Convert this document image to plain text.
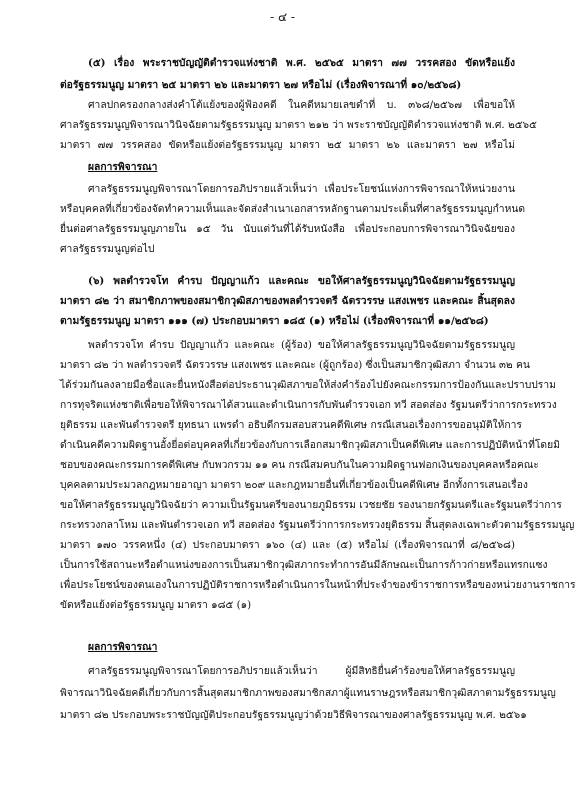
- ๔ -
(๕) เรื่อง พระราชบัญญัติตำรวจแห่งชาติ พ.ศ. ๒๕๖๕ มาตรา ๗๗ วรรคสอง ขัดหรือแย้ง
ต่อรัฐธรรมนูญ มาตรา ๒๕ มาตรา ๒๖ และมาตรา ๒๗ หรือไม่ (เรื่องพิจารณาที่ ๑๐/๒๕๖๘)
ศาลปกครองกลางส่งคำโต้แย้งของผู้ฟ้องคดี ในคดีหมายเลขดำที่ บ. ๓๖๘/๒๕๖๗ เพื่อขอให้
ศาลรัฐธรรมนูญพิจารณาวินิจฉัยตามรัฐธรรมนูญ มาตรา ๒๑๒ ว่า พระราชบัญญัติตำรวจแห่งชาติ พ.ศ. ๒๕๖๕
มาตรา ๗๗ วรรคสอง ขัดหรือแย้งต่อรัฐธรรมนูญ มาตรา ๒๕ มาตรา ๒๖ และมาตรา ๒๗ หรือไม่
ผลการพิจารณา
ศาลรัฐธรรมนูญพิจารณาโดยการอภิปรายแล้วเห็นว่า เพื่อประโยชน์แห่งการพิจารณาให้หน่วยงาน
หรือบุคคลที่เกี่ยวข้องจัดทำความเห็นและจัดส่งสำเนาเอกสารหลักฐานตามประเด็นที่ศาลรัฐธรรมนูญกำหนด
ยื่นต่อศาลรัฐธรรมนูญภายใน ๑๕ วัน นับแต่วันที่ได้รับหนังสือ เพื่อประกอบการพิจารณาวินิจฉัยของ
ศาลรัฐธรรมนูญต่อไป
(๖) พลตำรวจโท คำรบ ปัญญาแก้ว และคณะ ขอให้ศาลรัฐธรรมนูญวินิจฉัยตามรัฐธรรมนูญ
มาตรา ๘๒ ว่า สมาชิกภาพของสมาชิกวุฒิสภาของพลตำรวจตรี ฉัตรวรรษ แสงเพชร และคณะ สิ้นสุดลง
ตามรัฐธรรมนูญ มาตรา ๑๑๑ (๗) ประกอบมาตรา ๑๘๕ (๑) หรือไม่ (เรื่องพิจารณาที่ ๑๑/๒๕๖๘)
พลตำรวจโท คำรบ ปัญญาแก้ว และคณะ (ผู้ร้อง) ขอให้ศาลรัฐธรรมนูญวินิจฉัยตามรัฐธรรมนูญ
มาตรา ๘๒ ว่า พลตำรวจตรี ฉัตรวรรษ แสงเพชร และคณะ (ผู้ถูกร้อง) ซึ่งเป็นสมาชิกวุฒิสภา จำนวน ๓๒ คน
ได้ร่วมกันลงลายมือชื่อและยื่นหนังสือต่อประธานวุฒิสภาขอให้ส่งคำร้องไปยังคณะกรรมการป้องกันและปราบปราม
การทุจริตแห่งชาติเพื่อขอให้พิจารณาได้สวนและดำเนินการกับพันตำรวจเอก ทวี สอดส่อง รัฐมนตรีว่าการกระทรวง
ยุติธรรม และพันตำรวจตรี ยุทธนา แพรดำ อธิบดีกรมสอบสวนคดีพิเศษ กรณีเสนอเรื่องการขออนุมัติให้การ
ดำเนินคดีความผิดฐานอั้งยี่อต่อบุคคลที่เกี่ยวข้องกับการเลือกสมาชิกวุฒิสภาเป็นคดีพิเศษ และการปฏิบัติหน้าที่โดยมิ
ชอบของคณะกรรมการคดีพิเศษ กับพวกรวม ๑๑ คน กรณีสมคบกันในความผิดฐานฟอกเงินของบุคคลหรือคณะ
บุคคลตามประมวลกฎหมายอาญา มาตรา ๒๐๙ และกฎหมายอื่นที่เกี่ยวข้องเป็นคดีพิเศษ อีกทั้งการเสนอเรื่อง
ขอให้ศาลรัฐธรรมนูญวินิจฉัยว่า ความเป็นรัฐมนตรีของนายภูมิธรรม เวชยชัย รองนายกรัฐมนตรีและรัฐมนตรีว่าการ
กระทรวงกลาโหม และพันตำรวจเอก ทวี สอดส่อง รัฐมนตรีว่าการกระทรวงยุติธรรม สิ้นสุดลงเฉพาะตัวตามรัฐธรรมนูญ
มาตรา ๑๗๐ วรรคหนึ่ง (๔) ประกอบมาตรา ๑๖๐ (๔) และ (๕) หรือไม่ (เรื่องพิจารณาที่ ๘/๒๕๖๘)
เป็นการใช้สถานะหรือตำแหน่งของการเป็นสมาชิกวุฒิสภากระทำการอันมีลักษณะเป็นการก้าวก่ายหรือแทรกแซง
เพื่อประโยชน์ของตนเองในการปฏิบัติราชการหรือดำเนินการในหน้าที่ประจำของข้าราชการหรือของหน่วยงานราชการ
ขัดหรือแย้งต่อรัฐธรรมนูญ มาตรา ๑๘๕ (๑)
ผลการพิจารณา
ศาลรัฐธรรมนูญพิจารณาโดยการอภิปรายแล้วเห็นว่า ผู้มีสิทธิยื่นคำร้องขอให้ศาลรัฐธรรมนูญ
พิจารณาวินิจฉัยคดีเกี่ยวกับการสิ้นสุดสมาชิกภาพของสมาชิกสภาผู้แทนราษฎรหรือสมาชิกวุฒิสภาตามรัฐธรรมนูญ
มาตรา ๘๒ ประกอบพระราชบัญญัติประกอบรัฐธรรมนูญว่าด้วยวิธีพิจารณาของศาลรัฐธรรมนูญ พ.ศ. ๒๕๖๑
